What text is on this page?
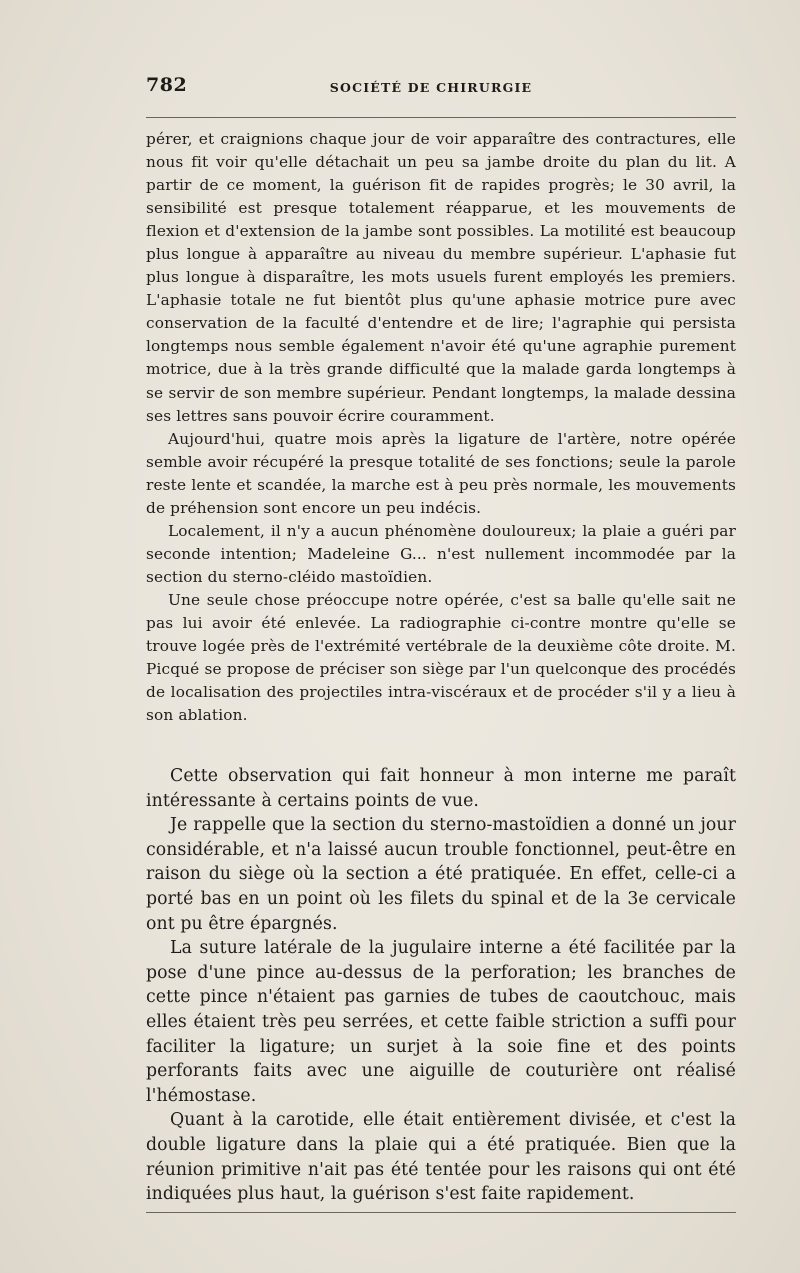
782	SOCIÉTÉ DE CHIRURGIE

pérer, et craignions chaque jour de voir apparaître des contractures, elle nous fit voir qu'elle détachait un peu sa jambe droite du plan du lit. A partir de ce moment, la guérison fit de rapides progrès; le 30 avril, la sensibilité est presque totalement réapparue, et les mouvements de flexion et d'extension de la jambe sont possibles. La motilité est beaucoup plus longue à apparaître au niveau du membre supérieur. L'aphasie fut plus longue à disparaître, les mots usuels furent employés les premiers. L'aphasie totale ne fut bientôt plus qu'une aphasie motrice pure avec conservation de la faculté d'entendre et de lire; l'agraphie qui persista longtemps nous semble également n'avoir été qu'une agraphie purement motrice, due à la très grande difficulté que la malade garda longtemps à se servir de son membre supérieur. Pendant longtemps, la malade dessina ses lettres sans pouvoir écrire couramment.

Aujourd'hui, quatre mois après la ligature de l'artère, notre opérée semble avoir récupéré la presque totalité de ses fonctions; seule la parole reste lente et scandée, la marche est à peu près normale, les mouvements de préhension sont encore un peu indécis.

Localement, il n'y a aucun phénomène douloureux; la plaie a guéri par seconde intention; Madeleine G... n'est nullement incommodée par la section du sterno-cléido mastoïdien.

Une seule chose préoccupe notre opérée, c'est sa balle qu'elle sait ne pas lui avoir été enlevée. La radiographie ci-contre montre qu'elle se trouve logée près de l'extrémité vertébrale de la deuxième côte droite. M. Picqué se propose de préciser son siège par l'un quelconque des procédés de localisation des projectiles intra-viscéraux et de procéder s'il y a lieu à son ablation.

Cette observation qui fait honneur à mon interne me paraît intéressante à certains points de vue.

Je rappelle que la section du sterno-mastoïdien a donné un jour considérable, et n'a laissé aucun trouble fonctionnel, peut-être en raison du siège où la section a été pratiquée. En effet, celle-ci a porté bas en un point où les filets du spinal et de la 3e cervicale ont pu être épargnés.

La suture latérale de la jugulaire interne a été facilitée par la pose d'une pince au-dessus de la perforation; les branches de cette pince n'étaient pas garnies de tubes de caoutchouc, mais elles étaient très peu serrées, et cette faible striction a suffi pour faciliter la ligature; un surjet à la soie fine et des points perforants faits avec une aiguille de couturière ont réalisé l'hémostase.

Quant à la carotide, elle était entièrement divisée, et c'est la double ligature dans la plaie qui a été pratiquée. Bien que la réunion primitive n'ait pas été tentée pour les raisons qui ont été indiquées plus haut, la guérison s'est faite rapidement.
